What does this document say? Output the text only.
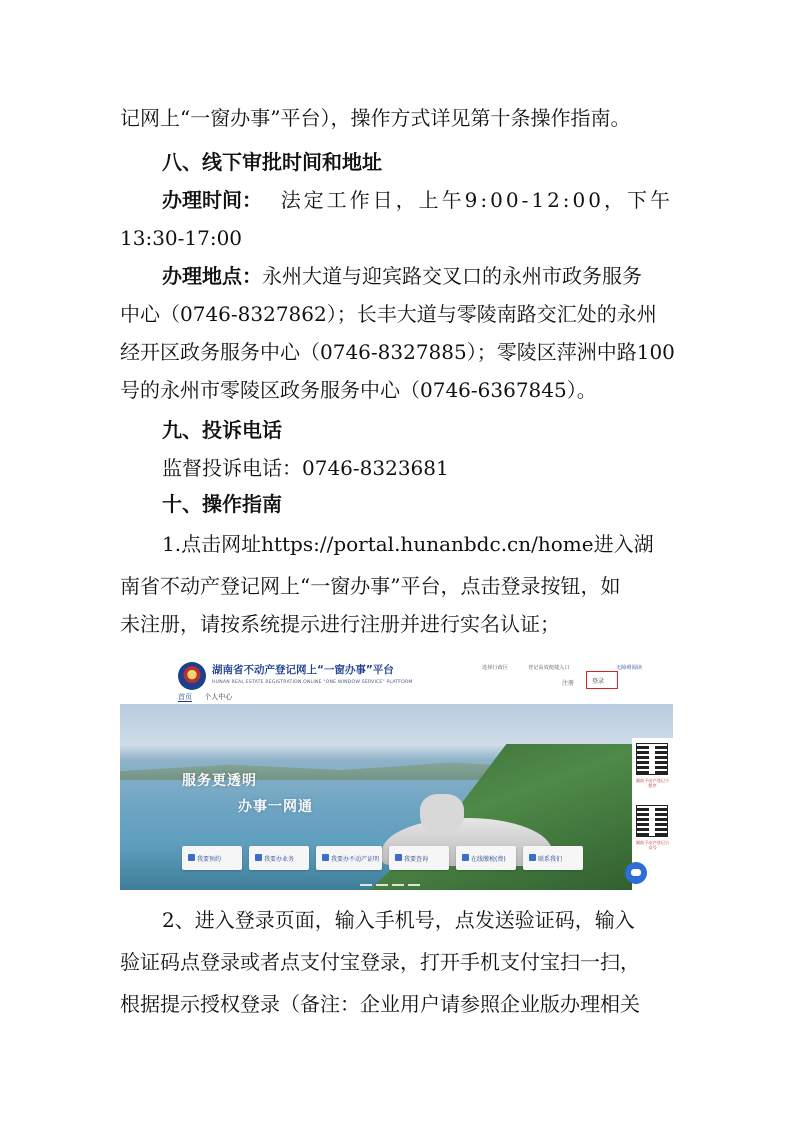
记网上“一窗办事”平台），操作方式详见第十条操作指南。
八、线下审批时间和地址
办理时间： 法定工作日，上午9:00-12:00，下午
13:30-17:00
办理地点：永州大道与迎宾路交叉口的永州市政务服务
中心（0746-8327862）；长丰大道与零陵南路交汇处的永州
经开区政务服务中心（0746-8327885）；零陵区萍洲中路100
号的永州市零陵区政务服务中心（0746-6367845）。
九、投诉电话
监督投诉电话：0746-8323681
十、操作指南
1.点击网址https://portal.hunanbdc.cn/home进入湖
南省不动产登记网上“一窗办事”平台，点击登录按钮，如
未注册，请按系统提示进行注册并进行实名认证；
湖南省不动产登记网上“一窗办事”平台
HUNAN REAL ESTATE REGISTRATION ONLINE "ONE WINDOW SERVICE" PLATFORM
首页 个人中心
选择行政区	登记高效便捷入口	无障碍阅读
注册	登录
服务更透明
办事一网通
湖南不动产登记小程序
湖南不动产登记公众号
我要预约	我要办业务	我要办不动产证明	我要查询	在线缴税(费)	联系我们
2、进入登录页面，输入手机号，点发送验证码，输入
验证码点登录或者点支付宝登录，打开手机支付宝扫一扫，
根据提示授权登录（备注：企业用户请参照企业版办理相关
